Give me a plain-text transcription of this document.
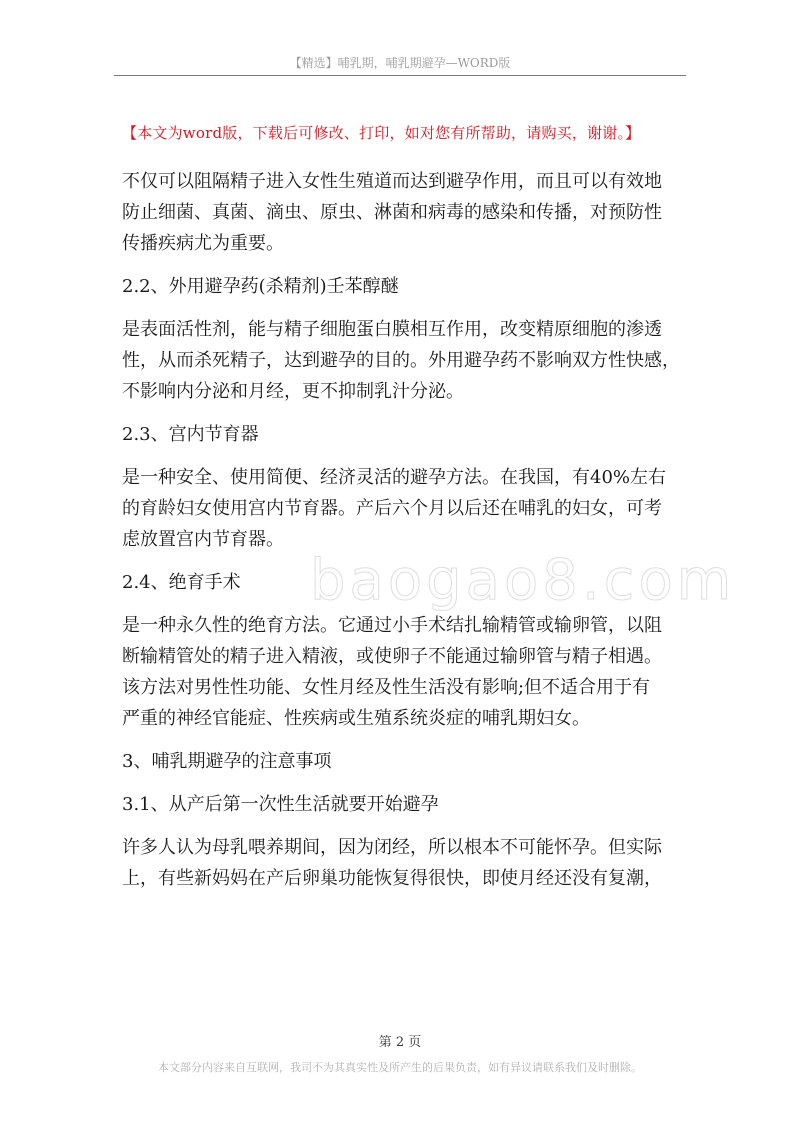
【精选】哺乳期，哺乳期避孕—WORD版
【本文为word版，下载后可修改、打印，如对您有所帮助，请购买，谢谢。】
baogao8.com
不仅可以阻隔精子进入女性生殖道而达到避孕作用，而且可以有效地
防止细菌、真菌、滴虫、原虫、淋菌和病毒的感染和传播，对预防性
传播疾病尤为重要。
2.2、外用避孕药(杀精剂)壬苯醇醚
是表面活性剂，能与精子细胞蛋白膜相互作用，改变精原细胞的渗透
性，从而杀死精子，达到避孕的目的。外用避孕药不影响双方性快感，
不影响内分泌和月经，更不抑制乳汁分泌。
2.3、宫内节育器
是一种安全、使用简便、经济灵活的避孕方法。在我国，有40%左右
的育龄妇女使用宫内节育器。产后六个月以后还在哺乳的妇女，可考
虑放置宫内节育器。
2.4、绝育手术
是一种永久性的绝育方法。它通过小手术结扎输精管或输卵管，以阻
断输精管处的精子进入精液，或使卵子不能通过输卵管与精子相遇。
该方法对男性性功能、女性月经及性生活没有影响;但不适合用于有
严重的神经官能症、性疾病或生殖系统炎症的哺乳期妇女。
3、哺乳期避孕的注意事项
3.1、从产后第一次性生活就要开始避孕
许多人认为母乳喂养期间，因为闭经，所以根本不可能怀孕。但实际
上，有些新妈妈在产后卵巢功能恢复得很快，即使月经还没有复潮，
第 2 页
本文部分内容来自互联网，我司不为其真实性及所产生的后果负责，如有异议请联系我们及时删除。
